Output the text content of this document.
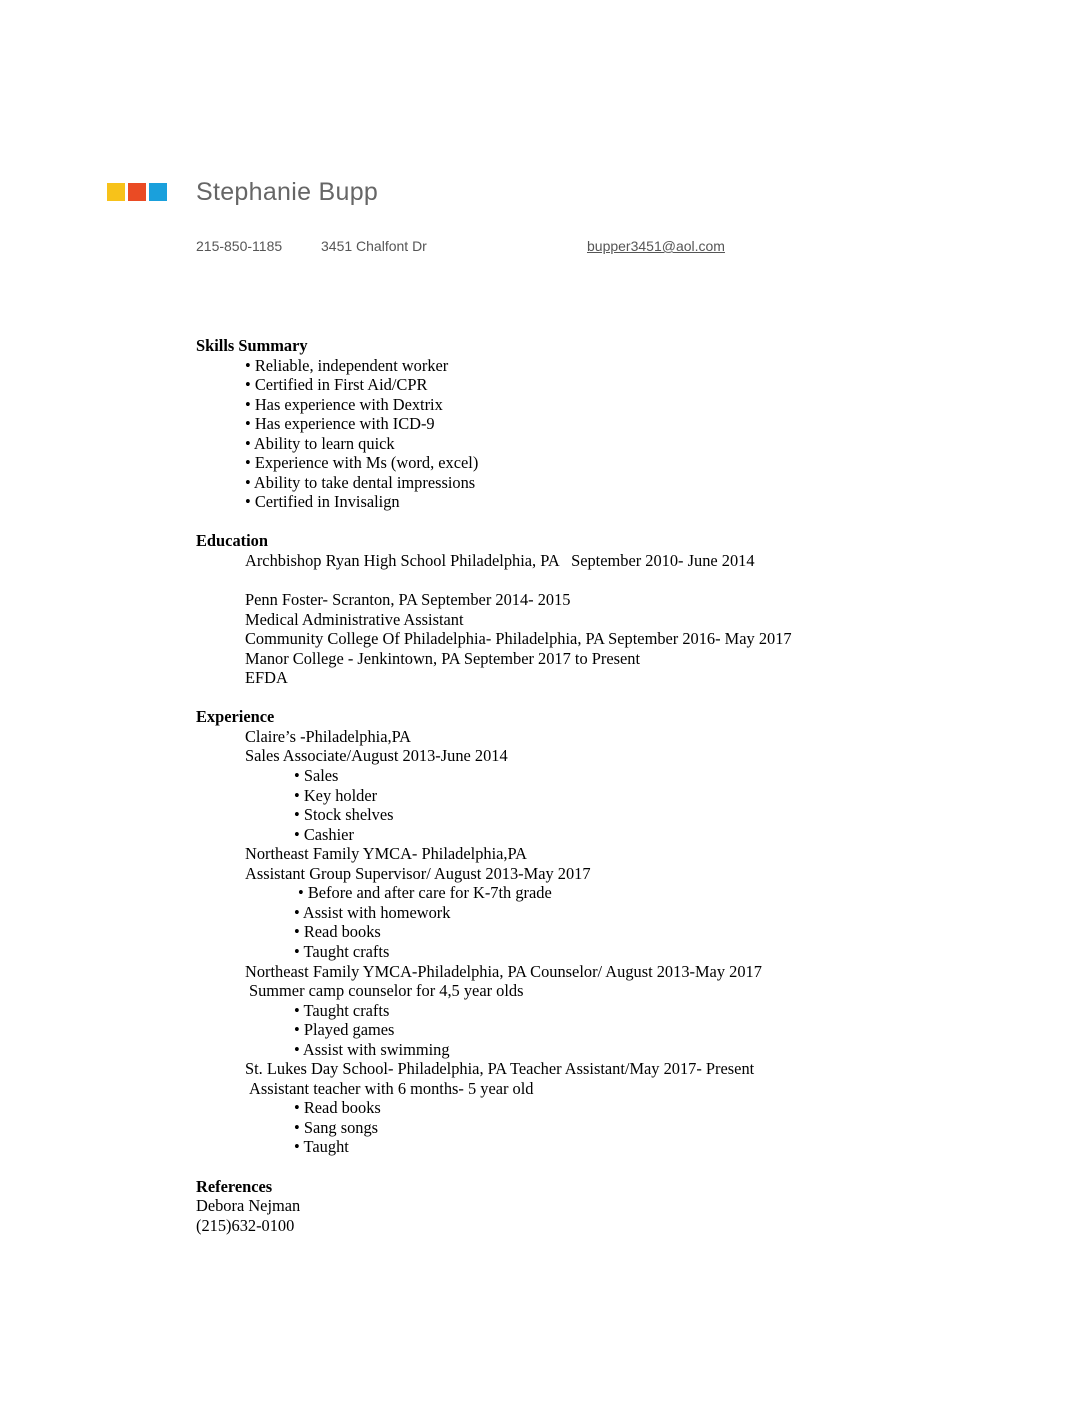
Stephanie Bupp
215-850-1185	3451 Chalfont Dr	bupper3451@aol.com
Skills Summary
• Reliable, independent worker
• Certified in First Aid/CPR
• Has experience with Dextrix
• Has experience with ICD-9
• Ability to learn quick
• Experience with Ms (word, excel)
• Ability to take dental impressions
• Certified in Invisalign
Education
Archbishop Ryan High School Philadelphia, PA   September 2010- June 2014
Penn Foster- Scranton, PA September 2014- 2015
Medical Administrative Assistant
Community College Of Philadelphia- Philadelphia, PA September 2016- May 2017
Manor College - Jenkintown, PA September 2017 to Present
EFDA
Experience
Claire’s -Philadelphia,PA
Sales Associate/August 2013-June 2014
• Sales
• Key holder
• Stock shelves
• Cashier
Northeast Family YMCA- Philadelphia,PA
Assistant Group Supervisor/ August 2013-May 2017
• Before and after care for K-7th grade
• Assist with homework
• Read books
• Taught crafts
Northeast Family YMCA-Philadelphia, PA Counselor/ August 2013-May 2017
Summer camp counselor for 4,5 year olds
• Taught crafts
• Played games
• Assist with swimming
St. Lukes Day School- Philadelphia, PA Teacher Assistant/May 2017- Present
Assistant teacher with 6 months- 5 year old
• Read books
• Sang songs
• Taught
References
Debora Nejman
(215)632-0100
